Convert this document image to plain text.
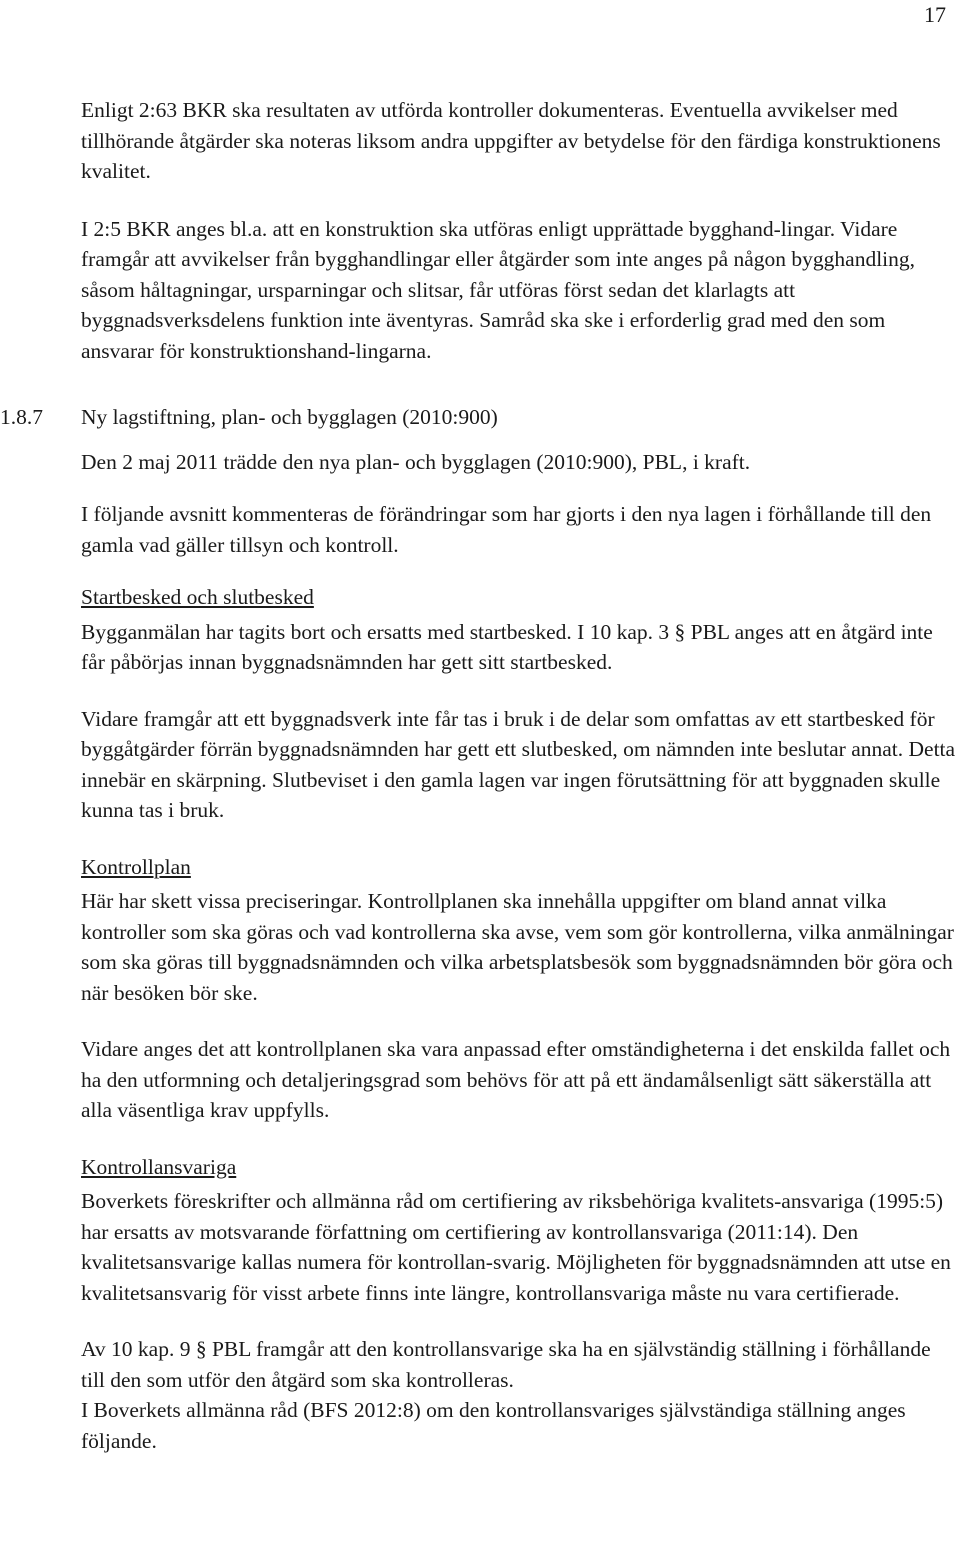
17

Enligt 2:63 BKR ska resultaten av utförda kontroller dokumenteras. Eventuella avvikelser med tillhörande åtgärder ska noteras liksom andra uppgifter av betydelse för den färdiga konstruktionens kvalitet.

I 2:5 BKR anges bl.a. att en konstruktion ska utföras enligt upprättade bygghand-lingar. Vidare framgår att avvikelser från bygghandlingar eller åtgärder som inte anges på någon bygghandling, såsom håltagningar, ursparningar och slitsar, får utföras först sedan det klarlagts att byggnadsverksdelens funktion inte äventyras. Samråd ska ske i erforderlig grad med den som ansvarar för konstruktionshand-lingarna.

1.8.7 Ny lagstiftning, plan- och bygglagen (2010:900)

Den 2 maj 2011 trädde den nya plan- och bygglagen (2010:900), PBL, i kraft.

I följande avsnitt kommenteras de förändringar som har gjorts i den nya lagen i förhållande till den gamla vad gäller tillsyn och kontroll.

Startbesked och slutbesked

Bygganmälan har tagits bort och ersatts med startbesked. I 10 kap. 3 § PBL anges att en åtgärd inte får påbörjas innan byggnadsnämnden har gett sitt startbesked.

Vidare framgår att ett byggnadsverk inte får tas i bruk i de delar som omfattas av ett startbesked för byggåtgärder förrän byggnadsnämnden har gett ett slutbesked, om nämnden inte beslutar annat. Detta innebär en skärpning. Slutbeviset i den gamla lagen var ingen förutsättning för att byggnaden skulle kunna tas i bruk.

Kontrollplan

Här har skett vissa preciseringar. Kontrollplanen ska innehålla uppgifter om bland annat vilka kontroller som ska göras och vad kontrollerna ska avse, vem som gör kontrollerna, vilka anmälningar som ska göras till byggnadsnämnden och vilka arbetsplatsbesök som byggnadsnämnden bör göra och när besöken bör ske.

Vidare anges det att kontrollplanen ska vara anpassad efter omständigheterna i det enskilda fallet och ha den utformning och detaljeringsgrad som behövs för att på ett ändamålsenligt sätt säkerställa att alla väsentliga krav uppfylls.

Kontrollansvariga

Boverkets föreskrifter och allmänna råd om certifiering av riksbehöriga kvalitets-ansvariga (1995:5) har ersatts av motsvarande författning om certifiering av kontrollansvariga (2011:14). Den kvalitetsansvarige kallas numera för kontrollan-svarig. Möjligheten för byggnadsnämnden att utse en kvalitetsansvarig för visst arbete finns inte längre, kontrollansvariga måste nu vara certifierade.

Av 10 kap. 9 § PBL framgår att den kontrollansvarige ska ha en självständig ställning i förhållande till den som utför den åtgärd som ska kontrolleras.

I Boverkets allmänna råd (BFS 2012:8) om den kontrollansvariges självständiga ställning anges följande.
